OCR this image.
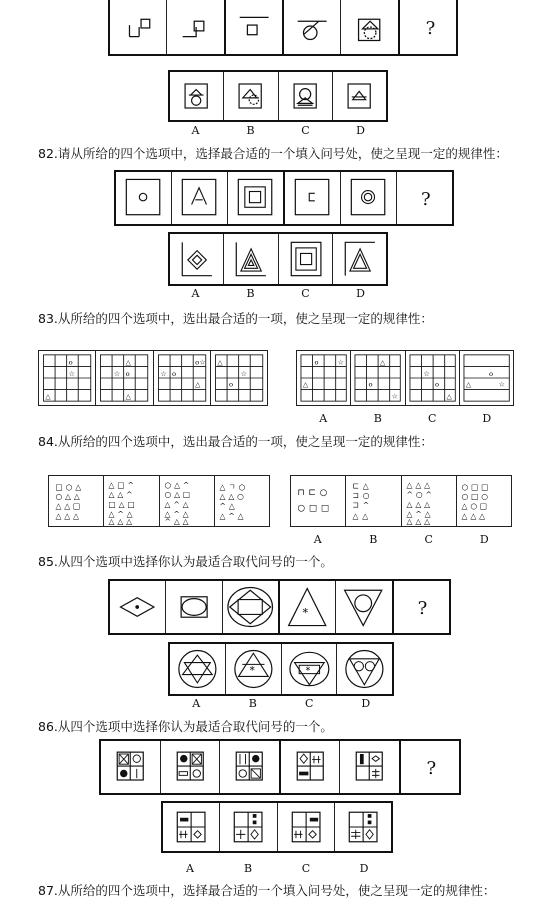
?
A	B	C	D
82.请从所给的四个选项中，选择最合适的一个填入问号处，使之呈现一定的规律性：
?
A	B	C	D
83.从所给的四个选项中，选出最合适的一项，使之呈现一定的规律性：
o
☆
△
△
☆ o
△
o☆
☆ o
△
△
☆
o
o	☆
△
△
o
☆
☆
o
△
△
o
☆
A	B	C	D
84.从所给的四个选项中，选出最合适的一项，使之呈现一定的规律性：
□○△
○△△
△△□
△△△
△□^
△△^
□△□
△^△
△△△
○△^
○△□
△^△
△^△
^△△
△ㄱ○
△△○
^△
△^△
⊓⊏○
○□□
⊏△
⊐○
⊐^
△△
△△△
^○^
△△△
△^△
△△△
○□□
○□○
△○□
△△△
A	B	C	D
85.从四个选项中选择你认为最适合取代问号的一个。
*	?
*	*
A	B	C	D
86.从四个选项中选择你认为最适合取代问号的一个。
?
A	B	C	D
87.从所给的四个选项中，选择最合适的一个填入问号处，使之呈现一定的规律性：
